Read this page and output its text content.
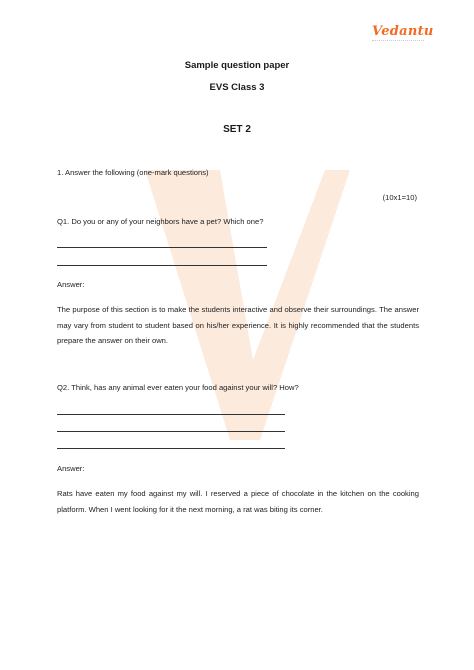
Vedantu
Sample question paper
EVS Class 3
SET 2
1. Answer the following (one-mark questions)
(10x1=10)
Q1. Do you or any of your neighbors have a pet? Which one?
Answer:
The purpose of this section is to make the students interactive and observe their surroundings. The answer may vary from student to student based on his/her experience. It is highly recommended that the students prepare the answer on their own.
Q2. Think, has any animal ever eaten your food against your will? How?
Answer:
Rats have eaten my food against my will. I reserved a piece of chocolate in the kitchen on the cooking platform. When I went looking for it the next morning, a rat was biting its corner.
